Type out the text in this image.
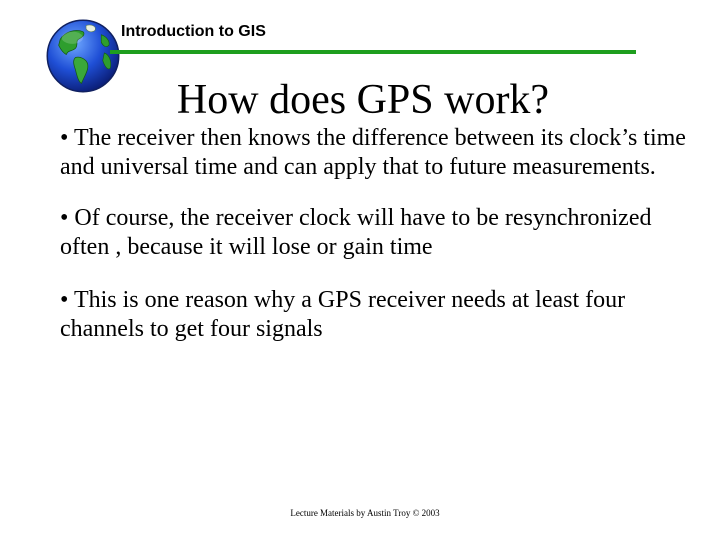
Introduction to GIS
How does GPS work?
• The receiver then knows the difference between its clock’s time and universal time and can apply that to future measurements.
• Of course, the receiver clock will have to be resynchronized often , because it will lose or gain time
• This is one reason why a GPS receiver needs at least four channels to get four signals
Lecture Materials by Austin Troy © 2003
